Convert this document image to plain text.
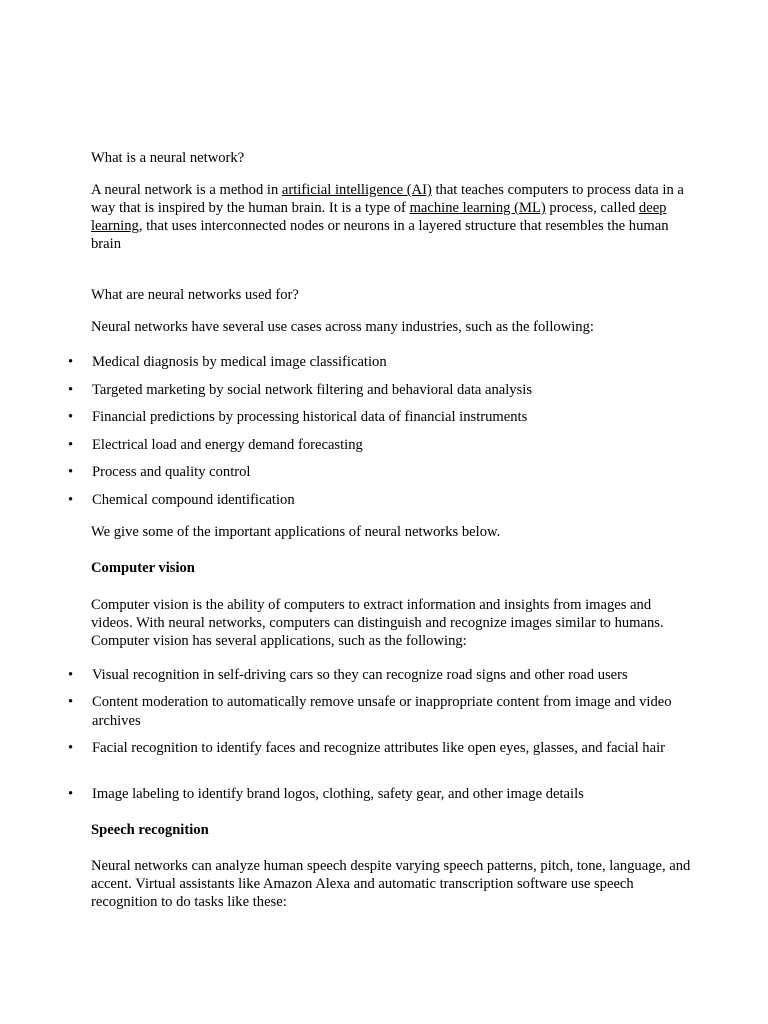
What is a neural network?

A neural network is a method in artificial intelligence (AI) that teaches computers to process data in a way that is inspired by the human brain. It is a type of machine learning (ML) process, called deep learning, that uses interconnected nodes or neurons in a layered structure that resembles the human brain

What are neural networks used for?

Neural networks have several use cases across many industries, such as the following:

• Medical diagnosis by medical image classification
• Targeted marketing by social network filtering and behavioral data analysis
• Financial predictions by processing historical data of financial instruments
• Electrical load and energy demand forecasting
• Process and quality control
• Chemical compound identification

We give some of the important applications of neural networks below.

Computer vision

Computer vision is the ability of computers to extract information and insights from images and videos. With neural networks, computers can distinguish and recognize images similar to humans. Computer vision has several applications, such as the following:

• Visual recognition in self-driving cars so they can recognize road signs and other road users
• Content moderation to automatically remove unsafe or inappropriate content from image and video archives
• Facial recognition to identify faces and recognize attributes like open eyes, glasses, and facial hair
• Image labeling to identify brand logos, clothing, safety gear, and other image details

Speech recognition

Neural networks can analyze human speech despite varying speech patterns, pitch, tone, language, and accent. Virtual assistants like Amazon Alexa and automatic transcription software use speech recognition to do tasks like these:
